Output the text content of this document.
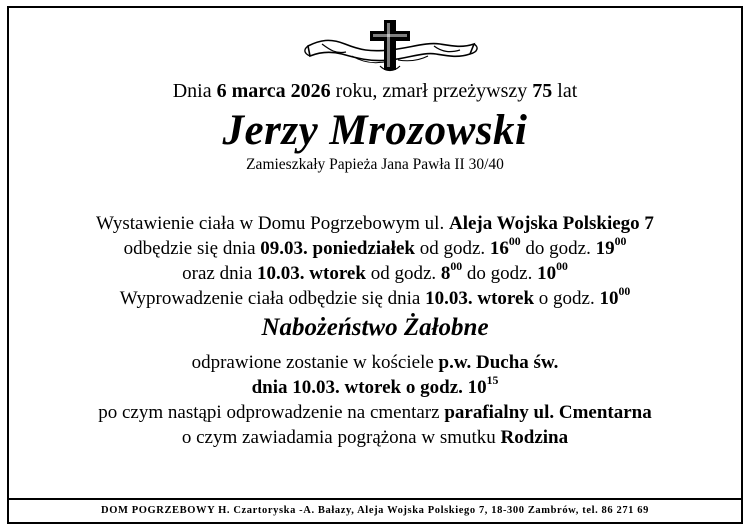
Dnia 6 marca 2026 roku, zmarł przeżywszy 75 lat
Jerzy Mrozowski
Zamieszkały Papieża Jana Pawła II 30/40
Wystawienie ciała w Domu Pogrzebowym ul. Aleja Wojska Polskiego 7
odbędzie się dnia 09.03. poniedziałek od godz. $16^{00}$ do godz. $19^{00}$
oraz dnia 10.03. wtorek od godz. $8^{00}$ do godz. $10^{00}$
Wyprowadzenie ciała odbędzie się dnia 10.03. wtorek o godz. $10^{00}$
Nabożeństwo Żałobne
odprawione zostanie w kościele p.w. Ducha św.
dnia 10.03. wtorek o godz. $10^{15}$
po czym nastąpi odprowadzenie na cmentarz parafialny ul. Cmentarna
o czym zawiadamia pogrążona w smutku Rodzina
DOM POGRZEBOWY H. Czartoryska -A. Bałazy, Aleja Wojska Polskiego 7, 18-300 Zambrów, tel. 86 271 69
